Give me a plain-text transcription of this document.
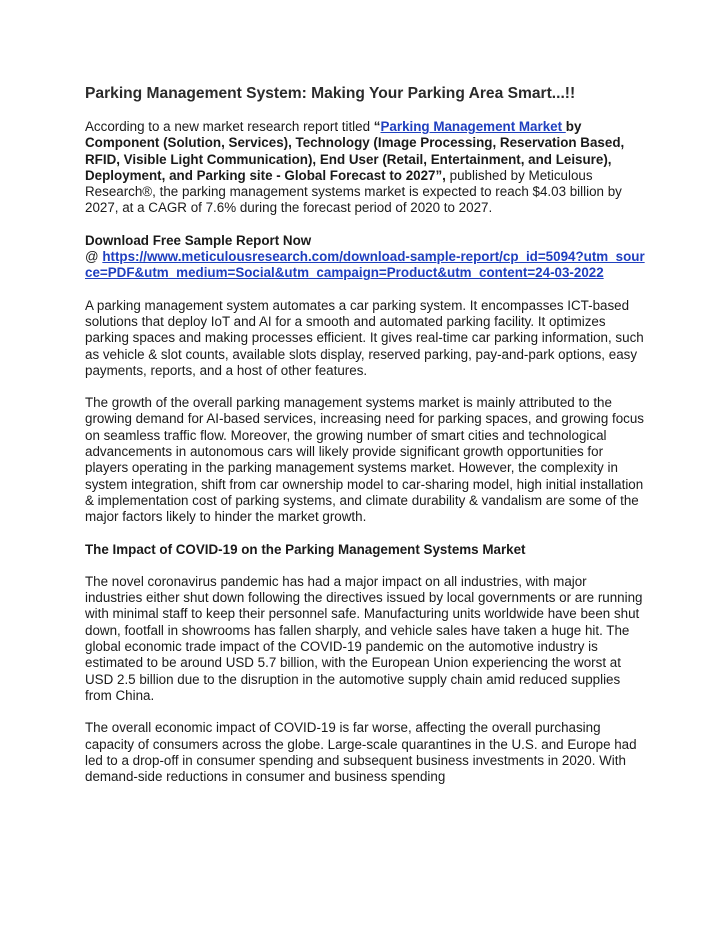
Parking Management System: Making Your Parking Area Smart...!!

According to a new market research report titled “Parking Management Market by Component (Solution, Services), Technology (Image Processing, Reservation Based, RFID, Visible Light Communication), End User (Retail, Entertainment, and Leisure), Deployment, and Parking site - Global Forecast to 2027”, published by Meticulous Research®, the parking management systems market is expected to reach $4.03 billion by 2027, at a CAGR of 7.6% during the forecast period of 2020 to 2027.

Download Free Sample Report Now
@ https://www.meticulousresearch.com/download-sample-report/cp_id=5094?utm_source=PDF&utm_medium=Social&utm_campaign=Product&utm_content=24-03-2022

A parking management system automates a car parking system. It encompasses ICT-based solutions that deploy IoT and AI for a smooth and automated parking facility. It optimizes parking spaces and making processes efficient. It gives real-time car parking information, such as vehicle & slot counts, available slots display, reserved parking, pay-and-park options, easy payments, reports, and a host of other features.

The growth of the overall parking management systems market is mainly attributed to the growing demand for AI-based services, increasing need for parking spaces, and growing focus on seamless traffic flow. Moreover, the growing number of smart cities and technological advancements in autonomous cars will likely provide significant growth opportunities for players operating in the parking management systems market. However, the complexity in system integration, shift from car ownership model to car-sharing model, high initial installation & implementation cost of parking systems, and climate durability & vandalism are some of the major factors likely to hinder the market growth.

The Impact of COVID-19 on the Parking Management Systems Market

The novel coronavirus pandemic has had a major impact on all industries, with major industries either shut down following the directives issued by local governments or are running with minimal staff to keep their personnel safe. Manufacturing units worldwide have been shut down, footfall in showrooms has fallen sharply, and vehicle sales have taken a huge hit. The global economic trade impact of the COVID-19 pandemic on the automotive industry is estimated to be around USD 5.7 billion, with the European Union experiencing the worst at USD 2.5 billion due to the disruption in the automotive supply chain amid reduced supplies from China.

The overall economic impact of COVID-19 is far worse, affecting the overall purchasing capacity of consumers across the globe. Large-scale quarantines in the U.S. and Europe had led to a drop-off in consumer spending and subsequent business investments in 2020. With demand-side reductions in consumer and business spending
